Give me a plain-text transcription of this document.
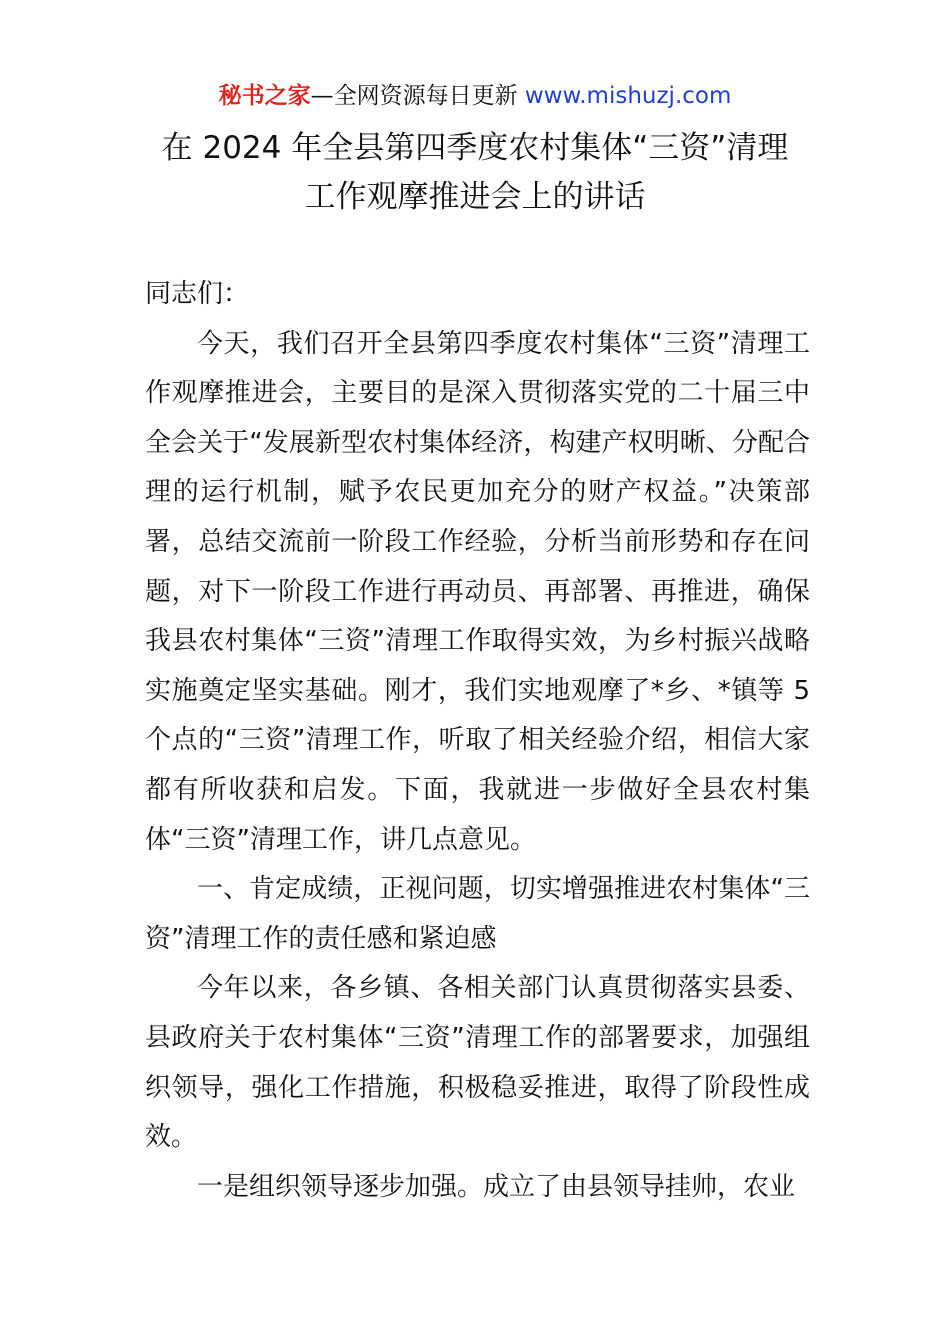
秘书之家—全网资源每日更新 www.mishuzj.com
在 2024 年全县第四季度农村集体“三资”清理
工作观摩推进会上的讲话

同志们：

今天，我们召开全县第四季度农村集体“三资”清理工作观摩推进会，主要目的是深入贯彻落实党的二十届三中全会关于“发展新型农村集体经济，构建产权明晰、分配合理的运行机制，赋予农民更加充分的财产权益。”决策部署，总结交流前一阶段工作经验，分析当前形势和存在问题，对下一阶段工作进行再动员、再部署、再推进，确保我县农村集体“三资”清理工作取得实效，为乡村振兴战略实施奠定坚实基础。刚才，我们实地观摩了*乡、*镇等 5 个点的“三资”清理工作，听取了相关经验介绍，相信大家都有所收获和启发。下面，我就进一步做好全县农村集体“三资”清理工作，讲几点意见。

一、肯定成绩，正视问题，切实增强推进农村集体“三资”清理工作的责任感和紧迫感

今年以来，各乡镇、各相关部门认真贯彻落实县委、县政府关于农村集体“三资”清理工作的部署要求，加强组织领导，强化工作措施，积极稳妥推进，取得了阶段性成效。

一是组织领导逐步加强。成立了由县领导挂帅，农业
